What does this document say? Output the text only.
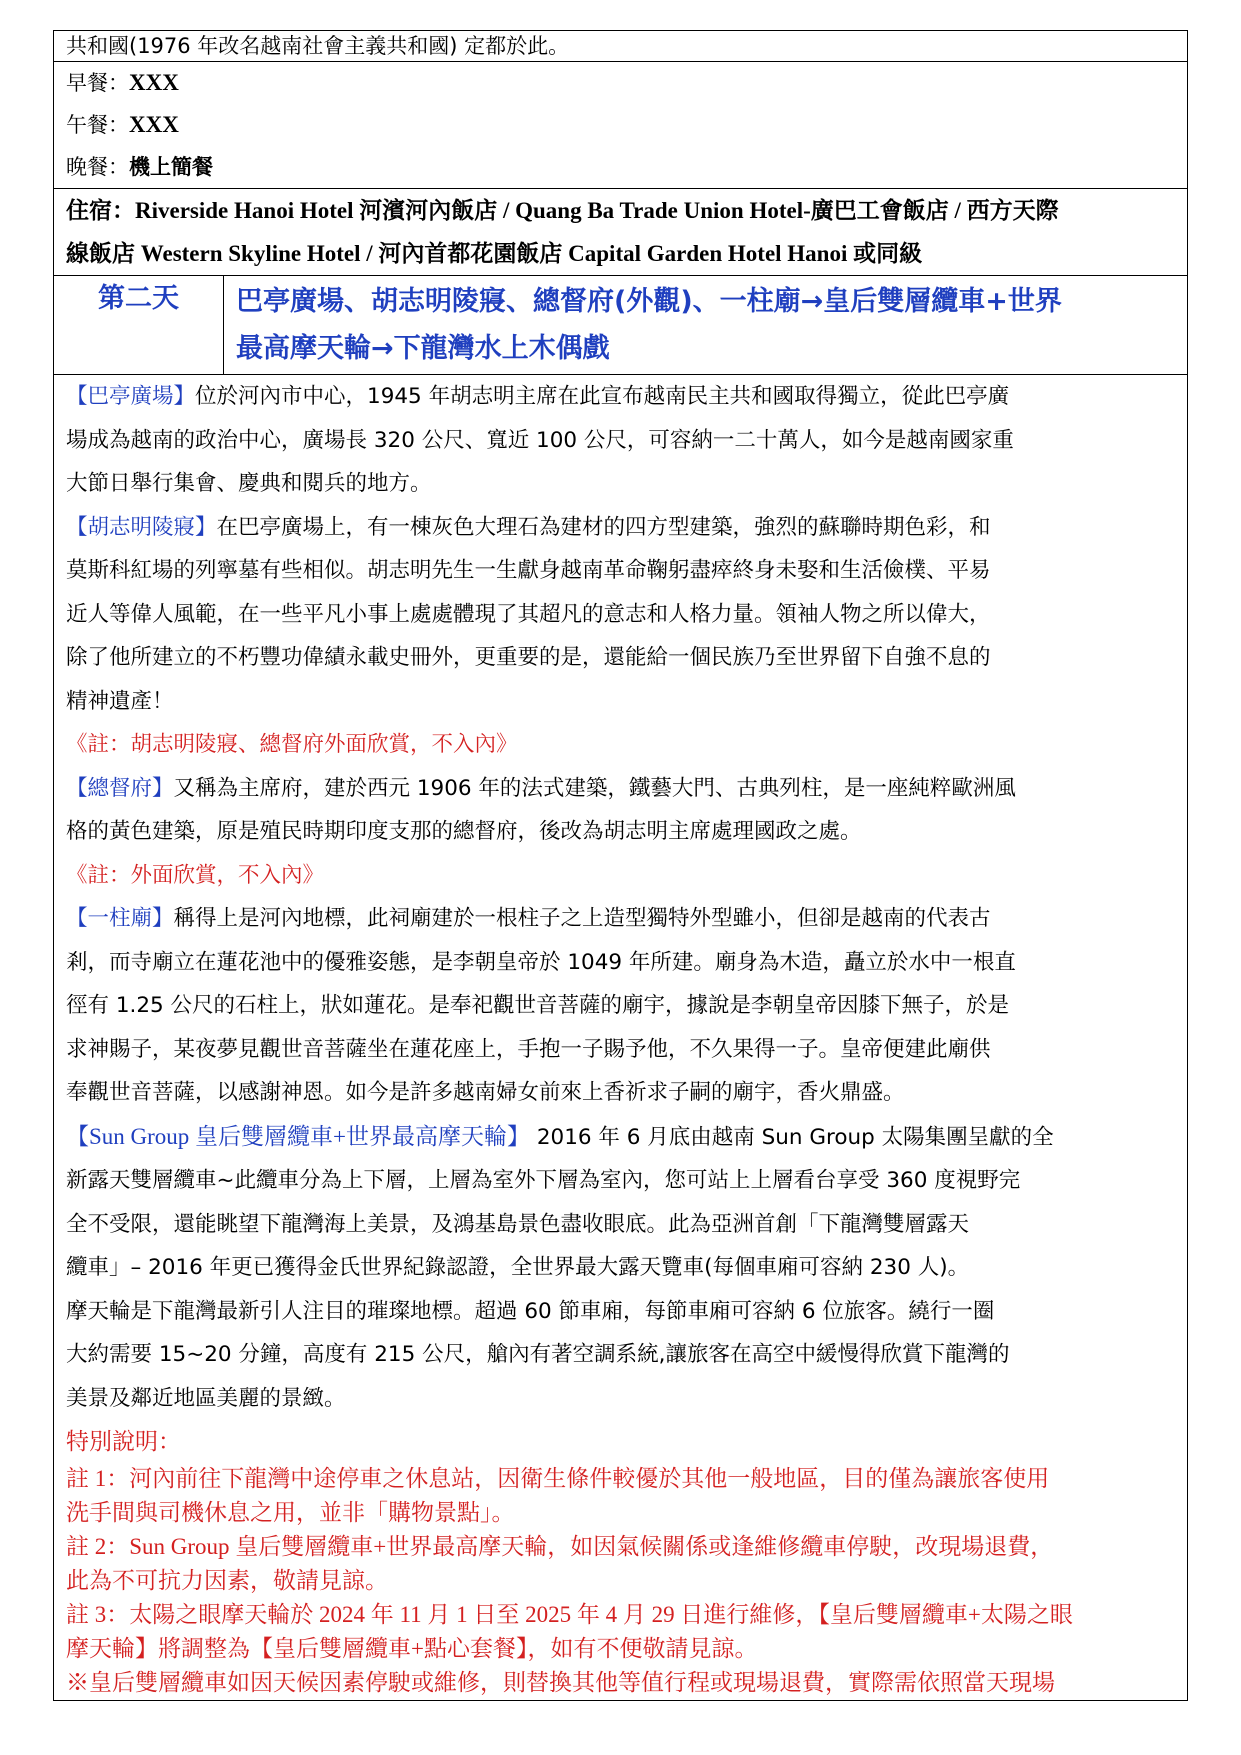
共和國(1976 年改名越南社會主義共和國) 定都於此。

早餐：XXX
午餐：XXX
晚餐：機上簡餐

住宿：Riverside Hanoi Hotel 河濱河內飯店 / Quang Ba Trade Union Hotel-廣巴工會飯店 / 西方天際
線飯店 Western Skyline Hotel / 河內首都花園飯店 Capital Garden Hotel Hanoi 或同級

第二天	巴亭廣場、胡志明陵寢、總督府(外觀)、一柱廟→皇后雙層纜車+世界
最高摩天輪→下龍灣水上木偶戲

【巴亭廣場】位於河內市中心，1945 年胡志明主席在此宣布越南民主共和國取得獨立，從此巴亭廣

場成為越南的政治中心，廣場長 320 公尺、寬近 100 公尺，可容納一二十萬人，如今是越南國家重

大節日舉行集會、慶典和閱兵的地方。

【胡志明陵寢】在巴亭廣場上，有一棟灰色大理石為建材的四方型建築，強烈的蘇聯時期色彩，和

莫斯科紅場的列寧墓有些相似。胡志明先生一生獻身越南革命鞠躬盡瘁終身未娶和生活儉樸、平易

近人等偉人風範，在一些平凡小事上處處體現了其超凡的意志和人格力量。領袖人物之所以偉大，

除了他所建立的不朽豐功偉績永載史冊外，更重要的是，還能給一個民族乃至世界留下自強不息的

精神遺產！

《註：胡志明陵寢、總督府外面欣賞，不入內》

【總督府】又稱為主席府，建於西元 1906 年的法式建築，鐵藝大門、古典列柱，是一座純粹歐洲風

格的黃色建築，原是殖民時期印度支那的總督府，後改為胡志明主席處理國政之處。

《註：外面欣賞，不入內》

【一柱廟】稱得上是河內地標，此祠廟建於一根柱子之上造型獨特外型雖小，但卻是越南的代表古

剎，而寺廟立在蓮花池中的優雅姿態，是李朝皇帝於 1049 年所建。廟身為木造，矗立於水中一根直

徑有 1.25 公尺的石柱上，狀如蓮花。是奉祀觀世音菩薩的廟宇，據說是李朝皇帝因膝下無子，於是

求神賜子，某夜夢見觀世音菩薩坐在蓮花座上，手抱一子賜予他，不久果得一子。皇帝便建此廟供

奉觀世音菩薩，以感謝神恩。如今是許多越南婦女前來上香祈求子嗣的廟宇，香火鼎盛。

【Sun Group 皇后雙層纜車+世界最高摩天輪】 2016 年 6 月底由越南 Sun Group 太陽集團呈獻的全

新露天雙層纜車~此纜車分為上下層，上層為室外下層為室內，您可站上上層看台享受 360 度視野完

全不受限，還能眺望下龍灣海上美景，及鴻基島景色盡收眼底。此為亞洲首創「下龍灣雙層露天

纜車」– 2016 年更已獲得金氏世界紀錄認證，全世界最大露天覽車(每個車廂可容納 230 人)。

摩天輪是下龍灣最新引人注目的璀璨地標。超過 60 節車廂，每節車廂可容納 6 位旅客。繞行一圈

大約需要 15~20 分鐘，高度有 215 公尺，艙內有著空調系統,讓旅客在高空中緩慢得欣賞下龍灣的

美景及鄰近地區美麗的景緻。

特別說明：

註 1：河內前往下龍灣中途停車之休息站，因衛生條件較優於其他一般地區，目的僅為讓旅客使用

洗手間與司機休息之用，並非「購物景點」。

註 2：Sun Group 皇后雙層纜車+世界最高摩天輪，如因氣候關係或逢維修纜車停駛，改現場退費，

此為不可抗力因素，敬請見諒。

註 3：太陽之眼摩天輪於 2024 年 11 月 1 日至 2025 年 4 月 29 日進行維修，【皇后雙層纜車+太陽之眼

摩天輪】將調整為【皇后雙層纜車+點心套餐】，如有不便敬請見諒。

※皇后雙層纜車如因天候因素停駛或維修，則替換其他等值行程或現場退費，實際需依照當天現場
